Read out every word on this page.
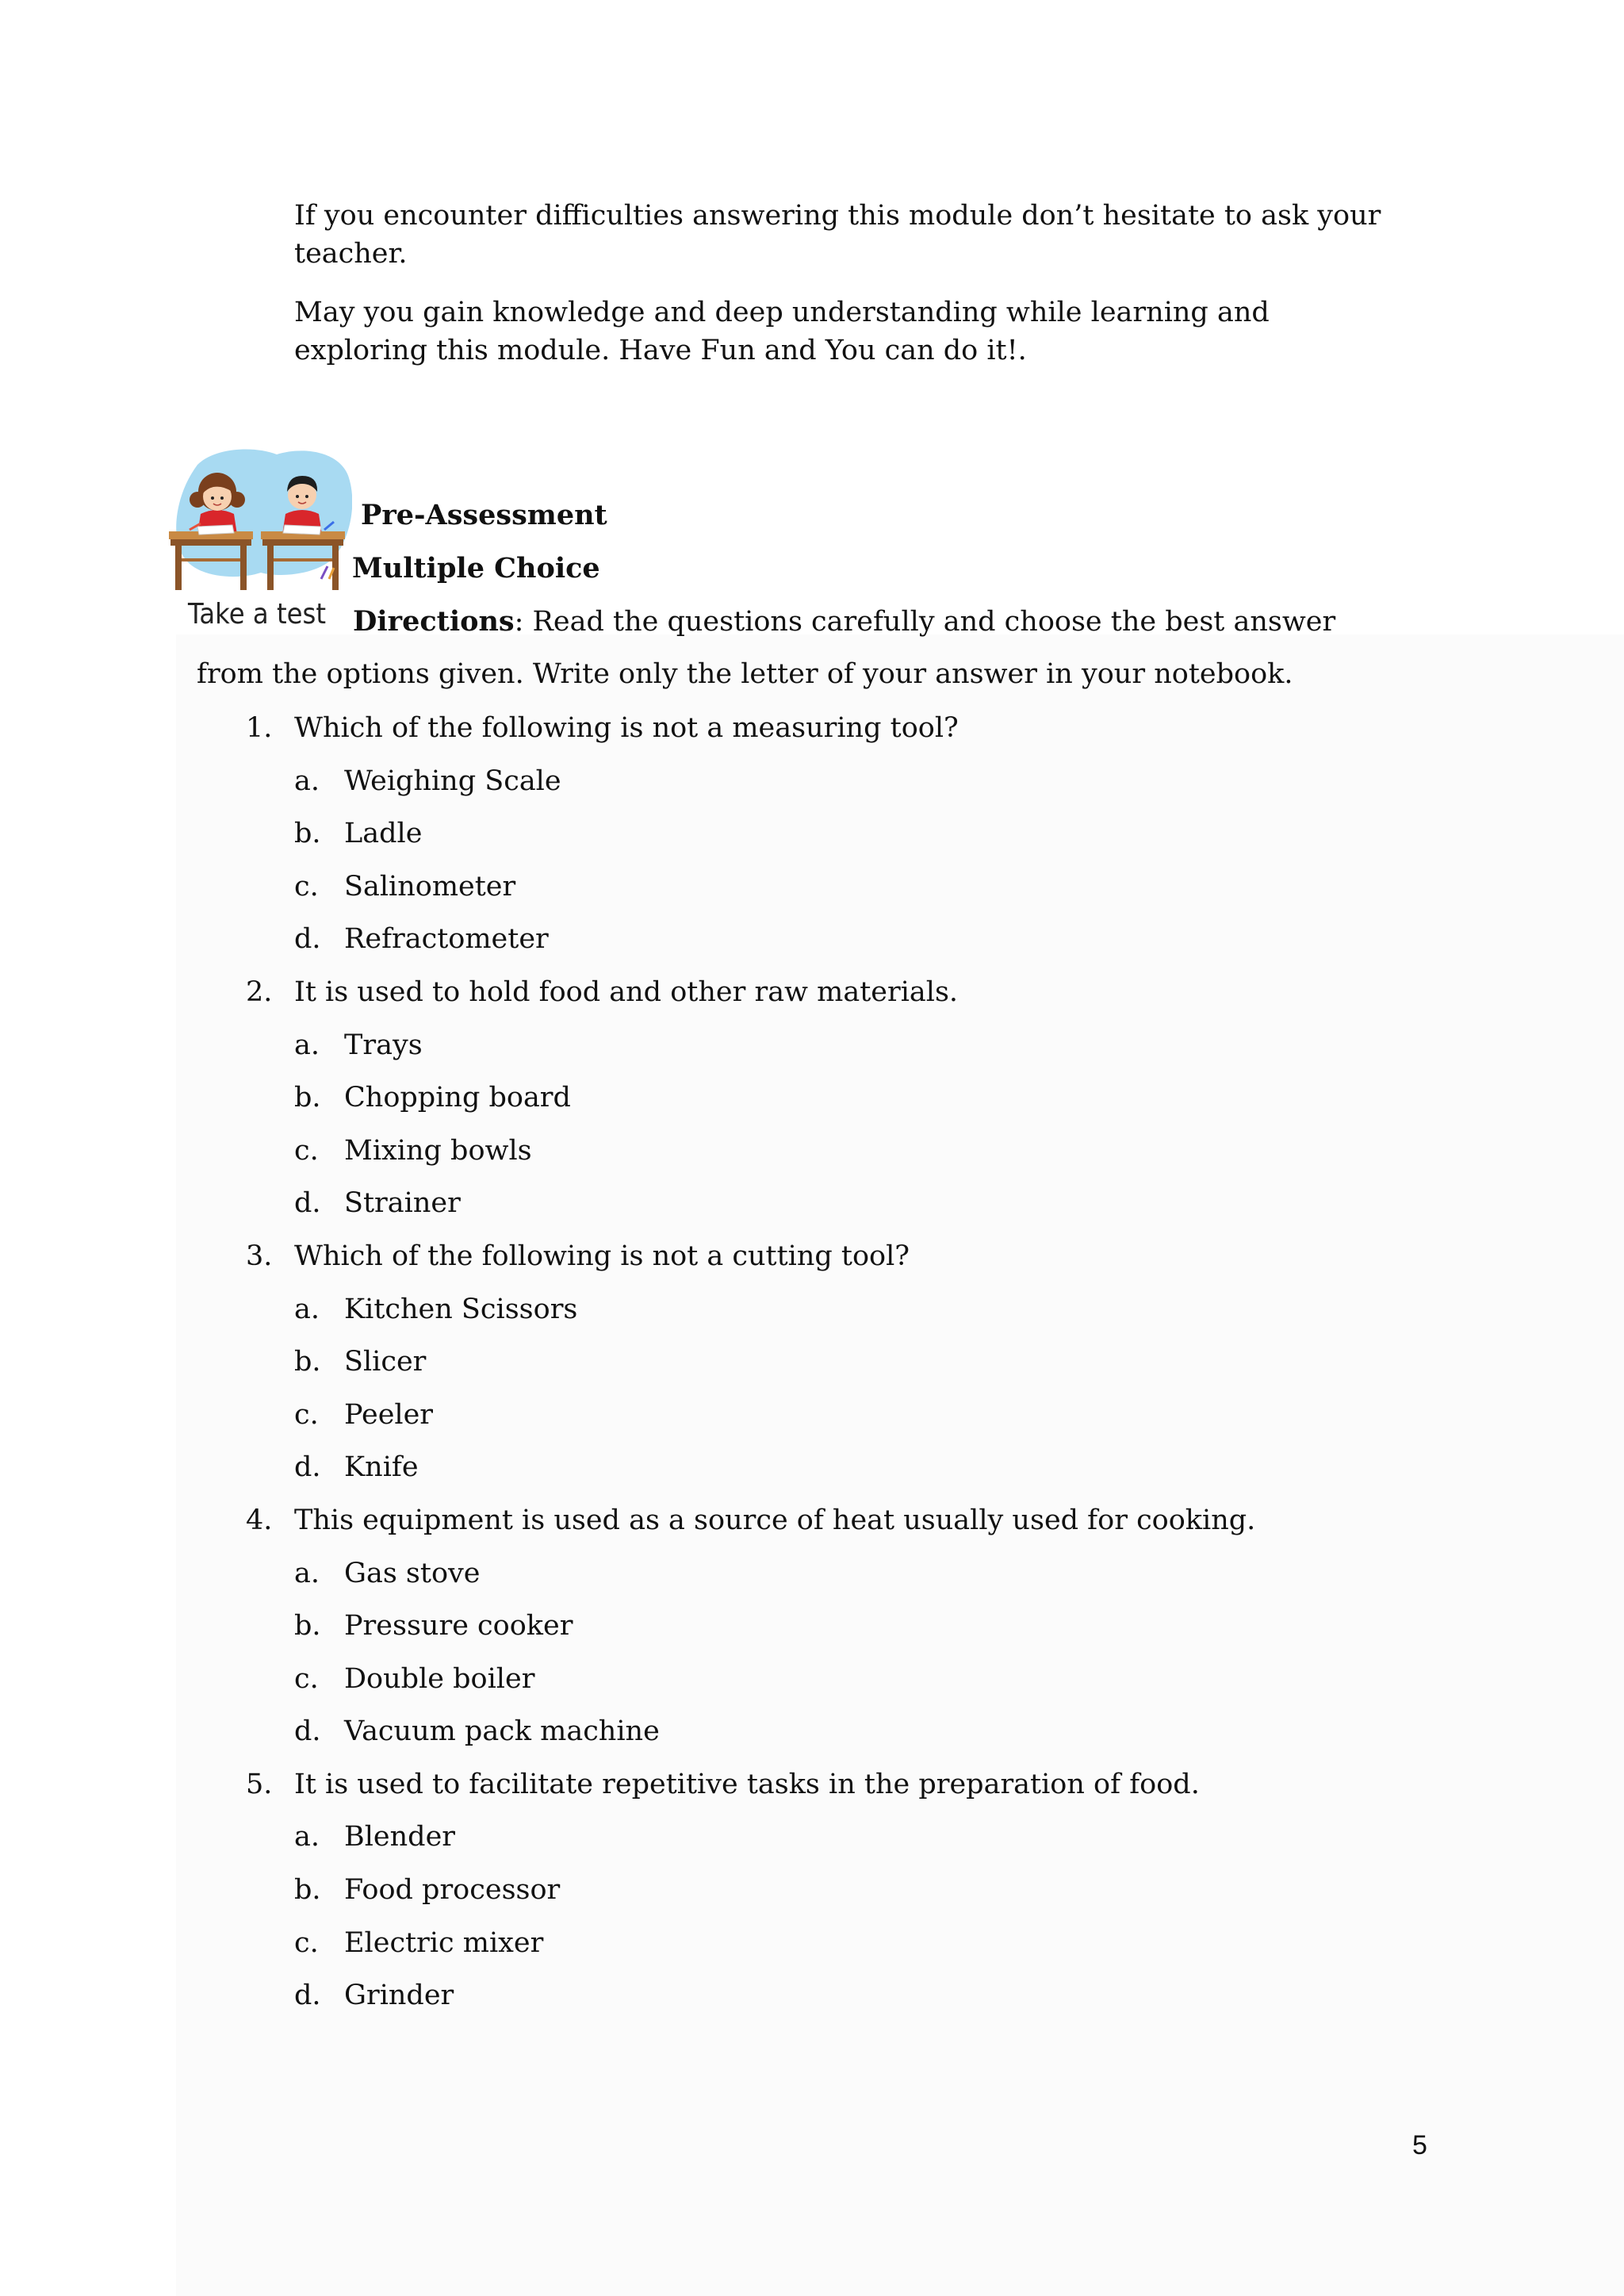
If you encounter difficulties answering this module don’t hesitate to ask your
teacher.
May you gain knowledge and deep understanding while learning and
exploring this module. Have Fun and You can do it!.
Take a test
Pre-Assessment
Multiple Choice
Directions: Read the questions carefully and choose the best answer
from the options given. Write only the letter of your answer in your notebook.
1. Which of the following is not a measuring tool?
a. Weighing Scale
b. Ladle
c. Salinometer
d. Refractometer
2. It is used to hold food and other raw materials.
a. Trays
b. Chopping board
c. Mixing bowls
d. Strainer
3. Which of the following is not a cutting tool?
a. Kitchen Scissors
b. Slicer
c. Peeler
d. Knife
4. This equipment is used as a source of heat usually used for cooking.
a. Gas stove
b. Pressure cooker
c. Double boiler
d. Vacuum pack machine
5. It is used to facilitate repetitive tasks in the preparation of food.
a. Blender
b. Food processor
c. Electric mixer
d. Grinder
5
